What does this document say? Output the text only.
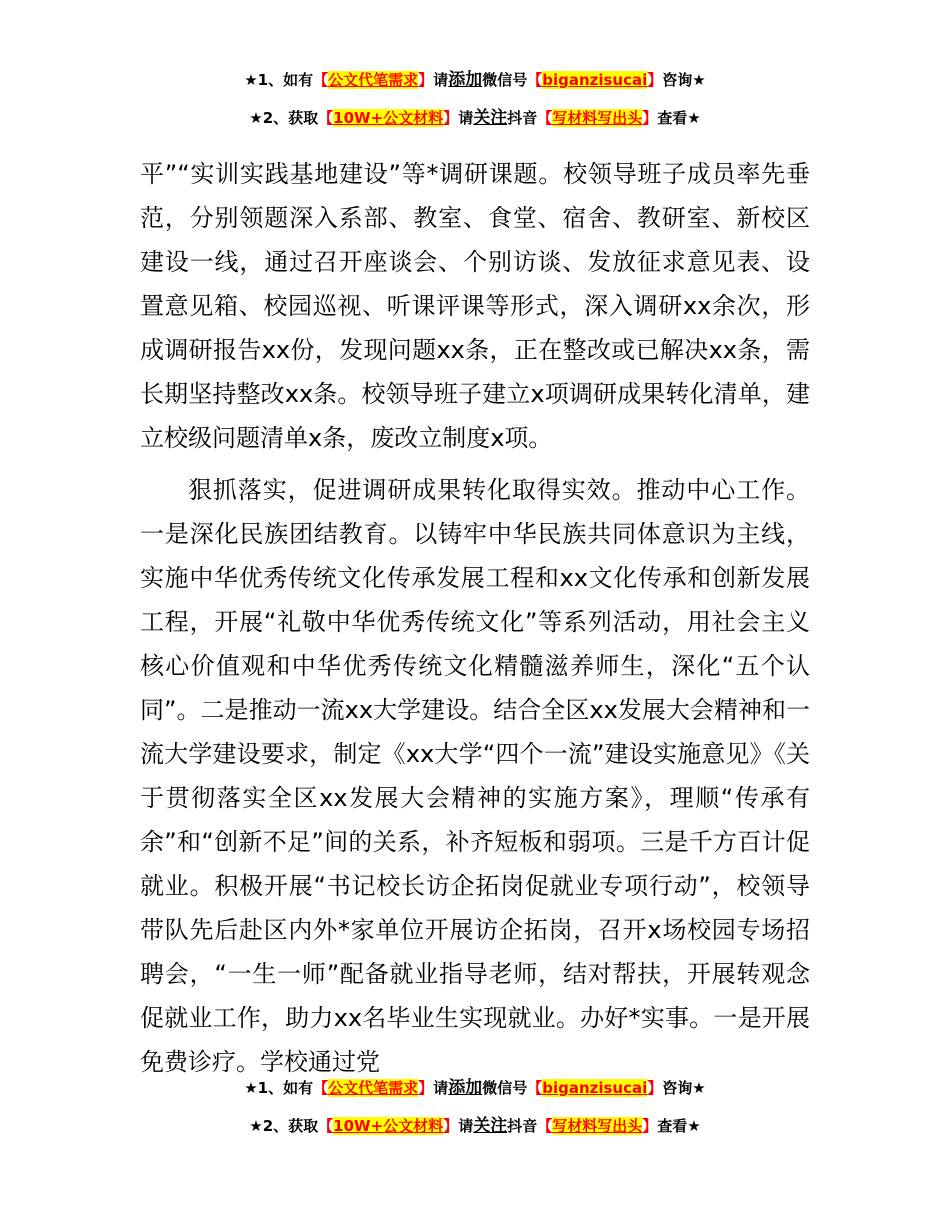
★1、如有【公文代笔需求】请添加微信号【biganzisucai】咨询★
★2、获取【10W+公文材料】请关注抖音【写材料写出头】查看★

平”“实训实践基地建设”等*调研课题。校领导班子成员率先垂范，分别领题深入系部、教室、食堂、宿舍、教研室、新校区建设一线，通过召开座谈会、个别访谈、发放征求意见表、设置意见箱、校园巡视、听课评课等形式，深入调研xx余次，形成调研报告xx份，发现问题xx条，正在整改或已解决xx条，需长期坚持整改xx条。校领导班子建立x项调研成果转化清单，建立校级问题清单x条，废改立制度x项。

狠抓落实，促进调研成果转化取得实效。推动中心工作。一是深化民族团结教育。以铸牢中华民族共同体意识为主线，实施中华优秀传统文化传承发展工程和xx文化传承和创新发展工程，开展“礼敬中华优秀传统文化”等系列活动，用社会主义核心价值观和中华优秀传统文化精髓滋养师生，深化“五个认同”。二是推动一流xx大学建设。结合全区xx发展大会精神和一流大学建设要求，制定《xx大学“四个一流”建设实施意见》《关于贯彻落实全区xx发展大会精神的实施方案》，理顺“传承有余”和“创新不足”间的关系，补齐短板和弱项。三是千方百计促就业。积极开展“书记校长访企拓岗促就业专项行动”，校领导带队先后赴区内外*家单位开展访企拓岗，召开x场校园专场招聘会，“一生一师”配备就业指导老师，结对帮扶，开展转观念促就业工作，助力xx名毕业生实现就业。办好*实事。一是开展免费诊疗。学校通过党

★1、如有【公文代笔需求】请添加微信号【biganzisucai】咨询★
★2、获取【10W+公文材料】请关注抖音【写材料写出头】查看★
